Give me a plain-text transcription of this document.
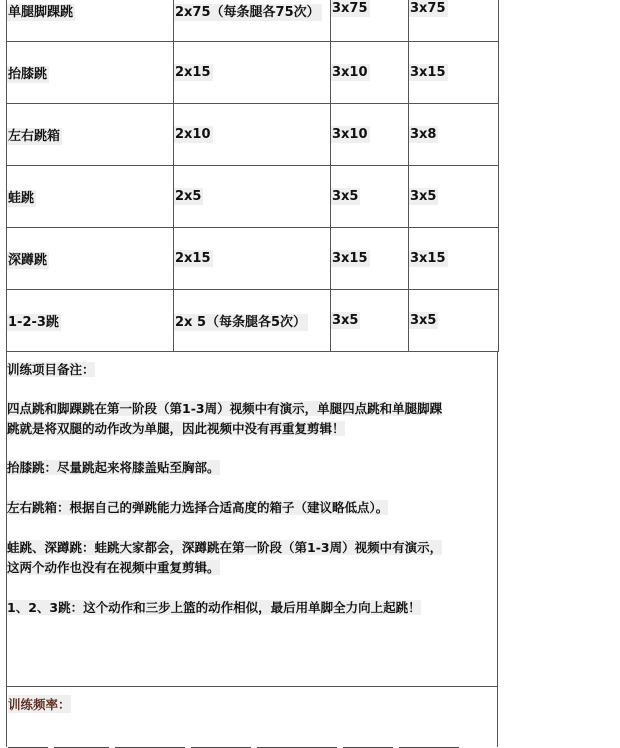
单腿脚踝跳	2x75（每条腿各75次）	3x75	3x75
抬膝跳	2x15	3x10	3x15
左右跳箱	2x10	3x10	3x8
蛙跳	2x5	3x5	3x5
深蹲跳	2x15	3x15	3x15
1-2-3跳	2x 5（每条腿各5次）	3x5	3x5

训练项目备注：

四点跳和脚踝跳在第一阶段（第1-3周）视频中有演示，单腿四点跳和单腿脚踝

跳就是将双腿的动作改为单腿，因此视频中没有再重复剪辑！

抬膝跳：尽量跳起来将膝盖贴至胸部。

左右跳箱：根据自己的弹跳能力选择合适高度的箱子（建议略低点）。

蛙跳、深蹲跳：蛙跳大家都会，深蹲跳在第一阶段（第1-3周）视频中有演示，

这两个动作也没有在视频中重复剪辑。

1、2、3跳：这个动作和三步上篮的动作相似，最后用单脚全力向上起跳！

训练频率：
